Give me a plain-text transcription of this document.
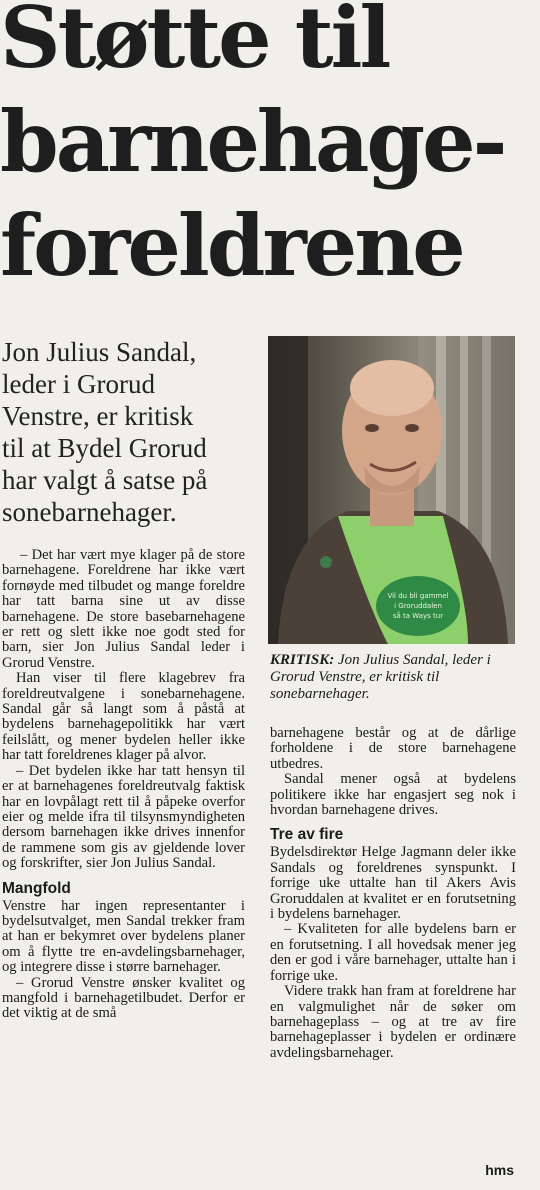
Støtte til
barnehage-
foreldrene
Jon Julius Sandal,
leder i Grorud
Venstre, er kritisk
til at Bydel Grorud
har valgt å satse på
sonebarnehager.
Vil du bli gammel
i Groruddalen
så ta Ways tur

KRITISK: Jon Julius Sandal, leder i Grorud Venstre, er kritisk til sonebarnehager.

– Det har vært mye klager på de store barnehagene. Foreldrene har ikke vært fornøyde med tilbudet og mange foreldre har tatt barna sine ut av disse barnehagene. De store basebarnehagene er rett og slett ikke noe godt sted for barn, sier Jon Julius Sandal leder i Grorud Venstre.

Han viser til flere klagebrev fra foreldreutvalgene i sonebarnehagene. Sandal går så langt som å påstå at bydelens barnehagepolitikk har vært feilslått, og mener bydelen heller ikke har tatt foreldrenes klager på alvor.

– Det bydelen ikke har tatt hensyn til er at barnehagenes foreldreutvalg faktisk har en lovpålagt rett til å påpeke overfor eier og melde ifra til tilsynsmyndigheten dersom barnehagen ikke drives innenfor de rammene som gis av gjeldende lover og forskrifter, sier Jon Julius Sandal.

Mangfold

Venstre har ingen representanter i bydelsutvalget, men Sandal trekker fram at han er bekymret over bydelens planer om å flytte tre en-avdelingsbarnehager, og integrere disse i større barnehager.

– Grorud Venstre ønsker kvalitet og mangfold i barnehagetilbudet. Derfor er det viktig at de små

barnehagene består og at de dårlige forholdene i de store barnehagene utbedres.

Sandal mener også at bydelens politikere ikke har engasjert seg nok i hvordan barnehagene drives.

Tre av fire

Bydelsdirektør Helge Jagmann deler ikke Sandals og foreldrenes synspunkt. I forrige uke uttalte han til Akers Avis Groruddalen at kvalitet er en forutsetning i bydelens barnehager.

– Kvaliteten for alle bydelens barn er en forutsetning. I all hovedsak mener jeg den er god i våre barnehager, uttalte han i forrige uke.

Videre trakk han fram at foreldrene har en valgmulighet når de søker om barnehageplass – og at tre av fire barnehageplasser i bydelen er ordinære avdelingsbarnehager.

hms
